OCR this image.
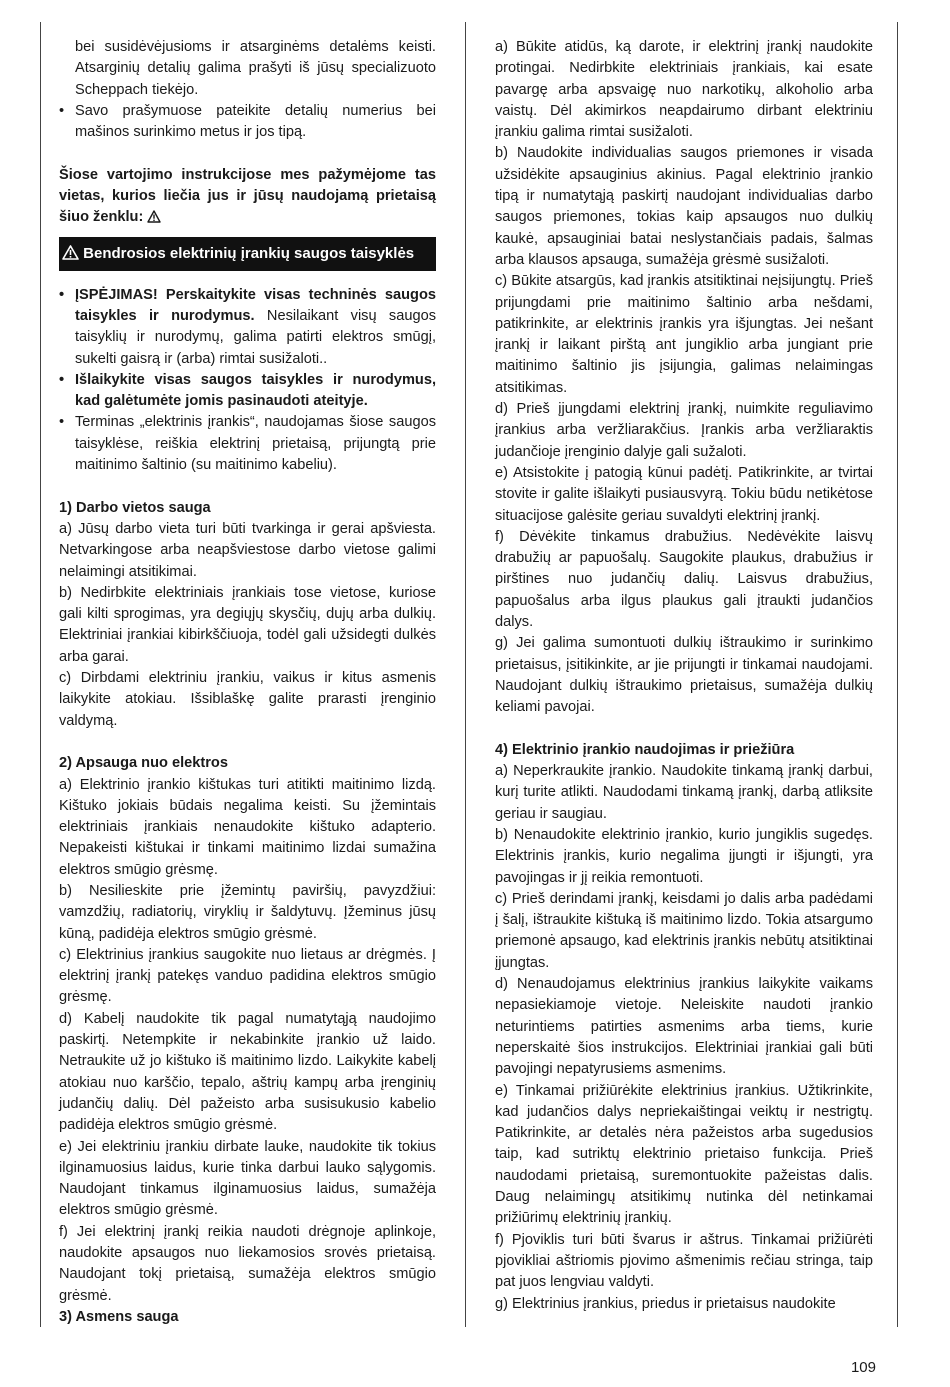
bei susidėvėjusioms ir atsarginėms detalėms keisti. Atsarginių detalių galima prašyti iš jūsų specializuoto Scheppach tiekėjo.

• Savo prašymuose pateikite detalių numerius bei mašinos surinkimo metus ir jos tipą.

Šiose vartojimo instrukcijose mes pažymėjome tas vietas, kurios liečia jus ir jūsų naudojamą prietaisą šiuo ženklu:

Bendrosios elektrinių įrankių saugos taisyklės
• ĮSPĖJIMAS! Perskaitykite visas techninės saugos taisykles ir nurodymus. Nesilaikant visų saugos taisyklių ir nurodymų, galima patirti elektros smūgį, sukelti gaisrą ir (arba) rimtai susižaloti..
• Išlaikykite visas saugos taisykles ir nurodymus, kad galėtumėte jomis pasinaudoti ateityje.
• Terminas „elektrinis įrankis“, naudojamas šiose saugos taisyklėse, reiškia elektrinį prietaisą, prijungtą prie maitinimo šaltinio (su maitinimo kabeliu).

1) Darbo vietos sauga

a) Jūsų darbo vieta turi būti tvarkinga ir gerai apšviesta. Netvarkingose arba neapšviestose darbo vietose galimi nelaimingi atsitikimai.

b) Nedirbkite elektriniais įrankiais tose vietose, kuriose gali kilti sprogimas, yra degiųjų skysčių, dujų arba dulkių. Elektriniai įrankiai kibirkščiuoja, todėl gali užsidegti dulkės arba garai.

c) Dirbdami elektriniu įrankiu, vaikus ir kitus asmenis laikykite atokiau. Išsiblaškę galite prarasti įrenginio valdymą.

2) Apsauga nuo elektros

a) Elektrinio įrankio kištukas turi atitikti maitinimo lizdą. Kištuko jokiais būdais negalima keisti. Su įžemintais elektriniais įrankiais nenaudokite kištuko adapterio. Nepakeisti kištukai ir tinkami maitinimo lizdai sumažina elektros smūgio grėsmę.

b) Nesilieskite prie įžemintų paviršių, pavyzdžiui: vamzdžių, radiatorių, viryklių ir šaldytuvų. Įžeminus jūsų kūną, padidėja elektros smūgio grėsmė.

c) Elektrinius įrankius saugokite nuo lietaus ar drėgmės. Į elektrinį įrankį patekęs vanduo padidina elektros smūgio grėsmę.

d) Kabelį naudokite tik pagal numatytąją naudojimo paskirtį. Netempkite ir nekabinkite įrankio už laido. Netraukite už jo kištuko iš maitinimo lizdo. Laikykite kabelį atokiau nuo karščio, tepalo, aštrių kampų arba įrenginių judančių dalių. Dėl pažeisto arba susisukusio kabelio padidėja elektros smūgio grėsmė.

e) Jei elektriniu įrankiu dirbate lauke, naudokite tik tokius ilginamuosius laidus, kurie tinka darbui lauko sąlygomis. Naudojant tinkamus ilginamuosius laidus, sumažėja elektros smūgio grėsmė.

f) Jei elektrinį įrankį reikia naudoti drėgnoje aplinkoje, naudokite apsaugos nuo liekamosios srovės prietaisą. Naudojant tokį prietaisą, sumažėja elektros smūgio grėsmė.

3) Asmens sauga

a) Būkite atidūs, ką darote, ir elektrinį įrankį naudokite protingai. Nedirbkite elektriniais įrankiais, kai esate pavargę arba apsvaigę nuo narkotikų, alkoholio arba vaistų. Dėl akimirkos neapdairumo dirbant elektriniu įrankiu galima rimtai susižaloti.

b) Naudokite individualias saugos priemones ir visada užsidėkite apsauginius akinius. Pagal elektrinio įrankio tipą ir numatytąją paskirtį naudojant individualias darbo saugos priemones, tokias kaip apsaugos nuo dulkių kaukė, apsauginiai batai neslystančiais padais, šalmas arba klausos apsauga, sumažėja grėsmė susižaloti.

c) Būkite atsargūs, kad įrankis atsitiktinai neįsijungtų. Prieš prijungdami prie maitinimo šaltinio arba nešdami, patikrinkite, ar elektrinis įrankis yra išjungtas. Jei nešant įrankį ir laikant pirštą ant jungiklio arba jungiant prie maitinimo šaltinio jis įsijungia, galimas nelaimingas atsitikimas.

d) Prieš įjungdami elektrinį įrankį, nuimkite reguliavimo įrankius arba veržliarakčius. Įrankis arba veržliaraktis judančioje įrenginio dalyje gali sužaloti.

e) Atsistokite į patogią kūnui padėtį. Patikrinkite, ar tvirtai stovite ir galite išlaikyti pusiausvyrą. Tokiu būdu netikėtose situacijose galėsite geriau suvaldyti elektrinį įrankį.

f) Dėvėkite tinkamus drabužius. Nedėvėkite laisvų drabužių ar papuošalų. Saugokite plaukus, drabužius ir pirštines nuo judančių dalių. Laisvus drabužius, papuošalus arba ilgus plaukus gali įtraukti judančios dalys.

g) Jei galima sumontuoti dulkių ištraukimo ir surinkimo prietaisus, įsitikinkite, ar jie prijungti ir tinkamai naudojami. Naudojant dulkių ištraukimo prietaisus, sumažėja dulkių keliami pavojai.

4) Elektrinio įrankio naudojimas ir priežiūra

a) Neperkraukite įrankio. Naudokite tinkamą įrankį darbui, kurį turite atlikti. Naudodami tinkamą įrankį, darbą atliksite geriau ir saugiau.

b) Nenaudokite elektrinio įrankio, kurio jungiklis sugedęs. Elektrinis įrankis, kurio negalima įjungti ir išjungti, yra pavojingas ir jį reikia remontuoti.

c) Prieš derindami įrankį, keisdami jo dalis arba padėdami į šalį, ištraukite kištuką iš maitinimo lizdo. Tokia atsargumo priemonė apsaugo, kad elektrinis įrankis nebūtų atsitiktinai įjungtas.

d) Nenaudojamus elektrinius įrankius laikykite vaikams nepasiekiamoje vietoje. Neleiskite naudoti įrankio neturintiems patirties asmenims arba tiems, kurie neperskaitė šios instrukcijos. Elektriniai įrankiai gali būti pavojingi nepatyrusiems asmenims.

e) Tinkamai prižiūrėkite elektrinius įrankius. Užtikrinkite, kad judančios dalys nepriekaištingai veiktų ir nestrigtų. Patikrinkite, ar detalės nėra pažeistos arba sugedusios taip, kad sutriktų elektrinio prietaiso funkcija. Prieš naudodami prietaisą, suremontuokite pažeistas dalis. Daug nelaimingų atsitikimų nutinka dėl netinkamai prižiūrimų elektrinių įrankių.

f) Pjoviklis turi būti švarus ir aštrus. Tinkamai prižiūrėti pjovikliai aštriomis pjovimo ašmenimis rečiau stringa, taip pat juos lengviau valdyti.

g) Elektrinius įrankius, priedus ir prietaisus naudokite

109
